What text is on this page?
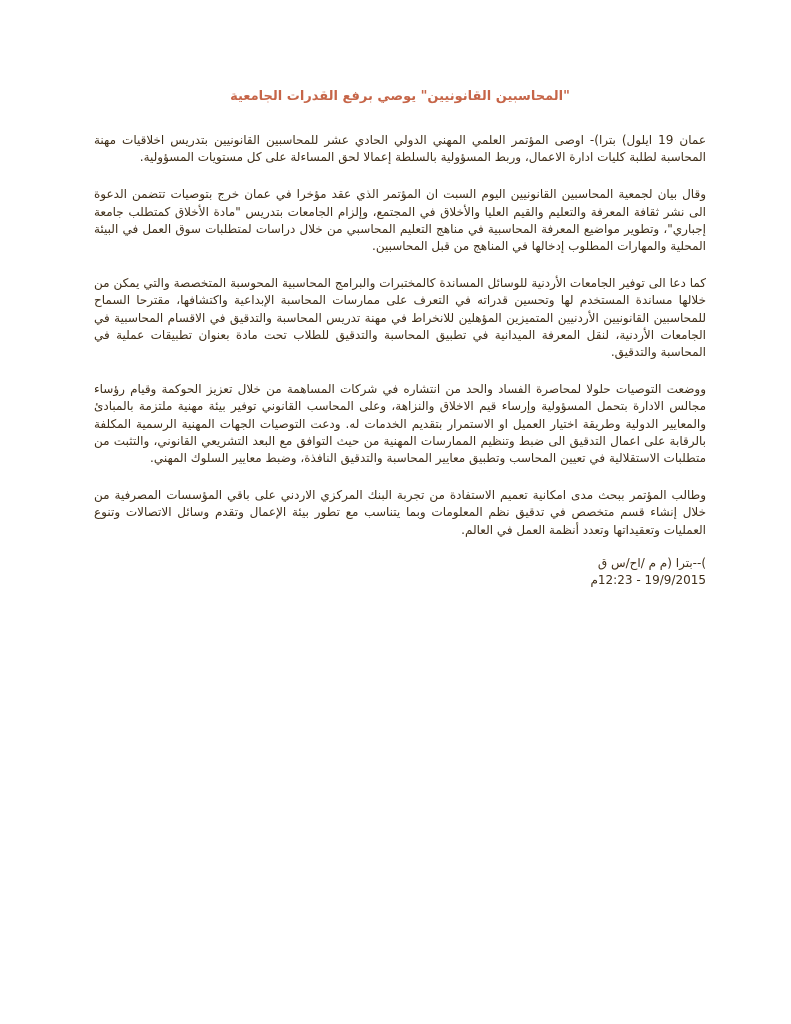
"المحاسبين القانونيين" يوصي برفع القدرات الجامعية

عمان 19 ايلول) بترا)- اوصى المؤتمر العلمي المهني الدولي الحادي عشر للمحاسبين القانونيين بتدريس اخلاقيات مهنة المحاسبة لطلبة كليات ادارة الاعمال، وربط المسؤولية بالسلطة إعمالا لحق المساءلة على كل مستويات المسؤولية.

وقال بيان لجمعية المحاسبين القانونيين اليوم السبت ان المؤتمر الذي عقد مؤخرا في عمان خرج بتوصيات تتضمن الدعوة الى نشر ثقافة المعرفة والتعليم والقيم العليا والأخلاق في المجتمع، وإلزام الجامعات بتدريس "مادة الأخلاق كمتطلب جامعة إجباري"، وتطوير مواضيع المعرفة المحاسبية في مناهج التعليم المحاسبي من خلال دراسات لمتطلبات سوق العمل في البيئة المحلية والمهارات المطلوب إدخالها في المناهج من قبل المحاسبين.

كما دعا الى توفير الجامعات الأردنية للوسائل المساندة كالمختبرات والبرامج المحاسبية المحوسبة المتخصصة والتي يمكن من خلالها مساندة المستخدم لها وتحسين قدراته في التعرف على ممارسات المحاسبة الإبداعية واكتشافها، مقترحا السماح للمحاسبين القانونيين الأردنيين المتميزين المؤهلين للانخراط في مهنة تدريس المحاسبة والتدقيق في الاقسام المحاسبية في الجامعات الأردنية، لنقل المعرفة الميدانية في تطبيق المحاسبة والتدقيق للطلاب تحت مادة بعنوان تطبيقات عملية في المحاسبة والتدقيق.

ووضعت التوصيات حلولا لمحاصرة الفساد والحد من انتشاره في شركات المساهمة من خلال تعزيز الحوكمة وقيام رؤساء مجالس الادارة بتحمل المسؤولية وإرساء قيم الاخلاق والنزاهة، وعلى المحاسب القانوني توفير بيئة مهنية ملتزمة بالمبادئ والمعايير الدولية وطريقة اختيار العميل او الاستمرار بتقديم الخدمات له. ودعت التوصيات الجهات المهنية الرسمية المكلفة بالرقابة على اعمال التدقيق الى ضبط وتنظيم الممارسات المهنية من حيث التوافق مع البعد التشريعي القانوني، والتثبت من متطلبات الاستقلالية في تعيين المحاسب وتطبيق معايير المحاسبة والتدقيق النافذة، وضبط معايير السلوك المهني.

وطالب المؤتمر ببحث مدى امكانية تعميم الاستفادة من تجربة البنك المركزي الاردني على باقي المؤسسات المصرفية من خلال إنشاء قسم متخصص في تدقيق نظم المعلومات وبما يتناسب مع تطور بيئة الإعمال وتقدم وسائل الاتصالات وتنوع العمليات وتعقيداتها وتعدد أنظمة العمل في العالم.

)--بترا (م م /اح/س ق
19/9/2015 - 12:23م
